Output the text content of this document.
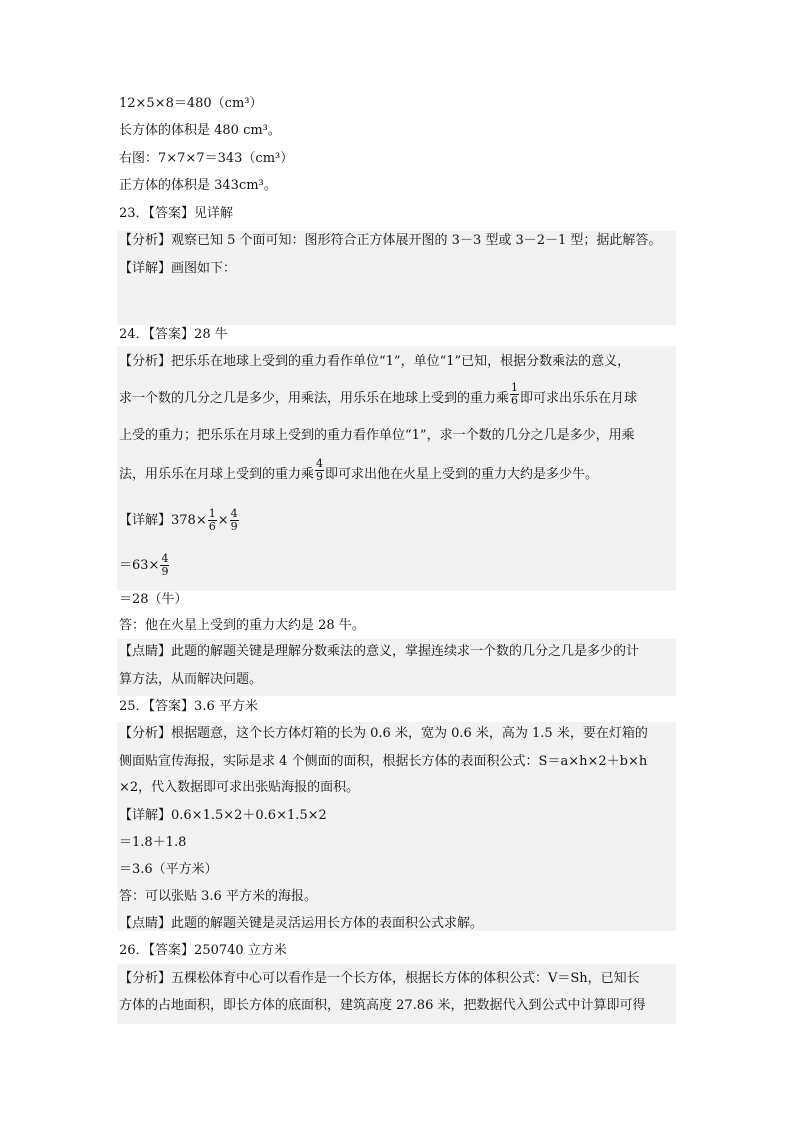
12×5×8＝480（cm³）
长方体的体积是 480 cm³。
右图：7×7×7＝343（cm³）
正方体的体积是 343cm³。
23．【答案】见详解
【分析】观察已知 5 个面可知：图形符合正方体展开图的 3－3 型或 3－2－1 型；据此解答。
【详解】画图如下：
24．【答案】28 牛
【分析】把乐乐在地球上受到的重力看作单位“1”，单位“1”已知，根据分数乘法的意义，
求一个数的几分之几是多少，用乘法，用乐乐在地球上受到的重力乘 $\frac{1}{6}$ 即可求出乐乐在月球
上受的重力；把乐乐在月球上受到的重力看作单位“1”，求一个数的几分之几是多少，用乘
法，用乐乐在月球上受到的重力乘 $\frac{4}{9}$ 即可求出他在火星上受到的重力大约是多少牛。
【详解】$378\times \frac{1}{6} \times \frac{4}{9}$
$=63\times \frac{4}{9}$
＝28（牛）
答：他在火星上受到的重力大约是 28 牛。
【点睛】此题的解题关键是理解分数乘法的意义，掌握连续求一个数的几分之几是多少的计
算方法，从而解决问题。
25．【答案】3.6 平方米
【分析】根据题意，这个长方体灯箱的长为 0.6 米，宽为 0.6 米，高为 1.5 米，要在灯箱的
侧面贴宣传海报，实际是求 4 个侧面的面积，根据长方体的表面积公式：S＝a×h×2＋b×h
×2，代入数据即可求出张贴海报的面积。
【详解】0.6×1.5×2＋0.6×1.5×2
＝1.8＋1.8
＝3.6（平方米）
答：可以张贴 3.6 平方米的海报。
【点睛】此题的解题关键是灵活运用长方体的表面积公式求解。
26．【答案】250740 立方米
【分析】五棵松体育中心可以看作是一个长方体，根据长方体的体积公式：V＝Sh，已知长
方体的占地面积，即长方体的底面积，建筑高度 27.86 米，把数据代入到公式中计算即可得
